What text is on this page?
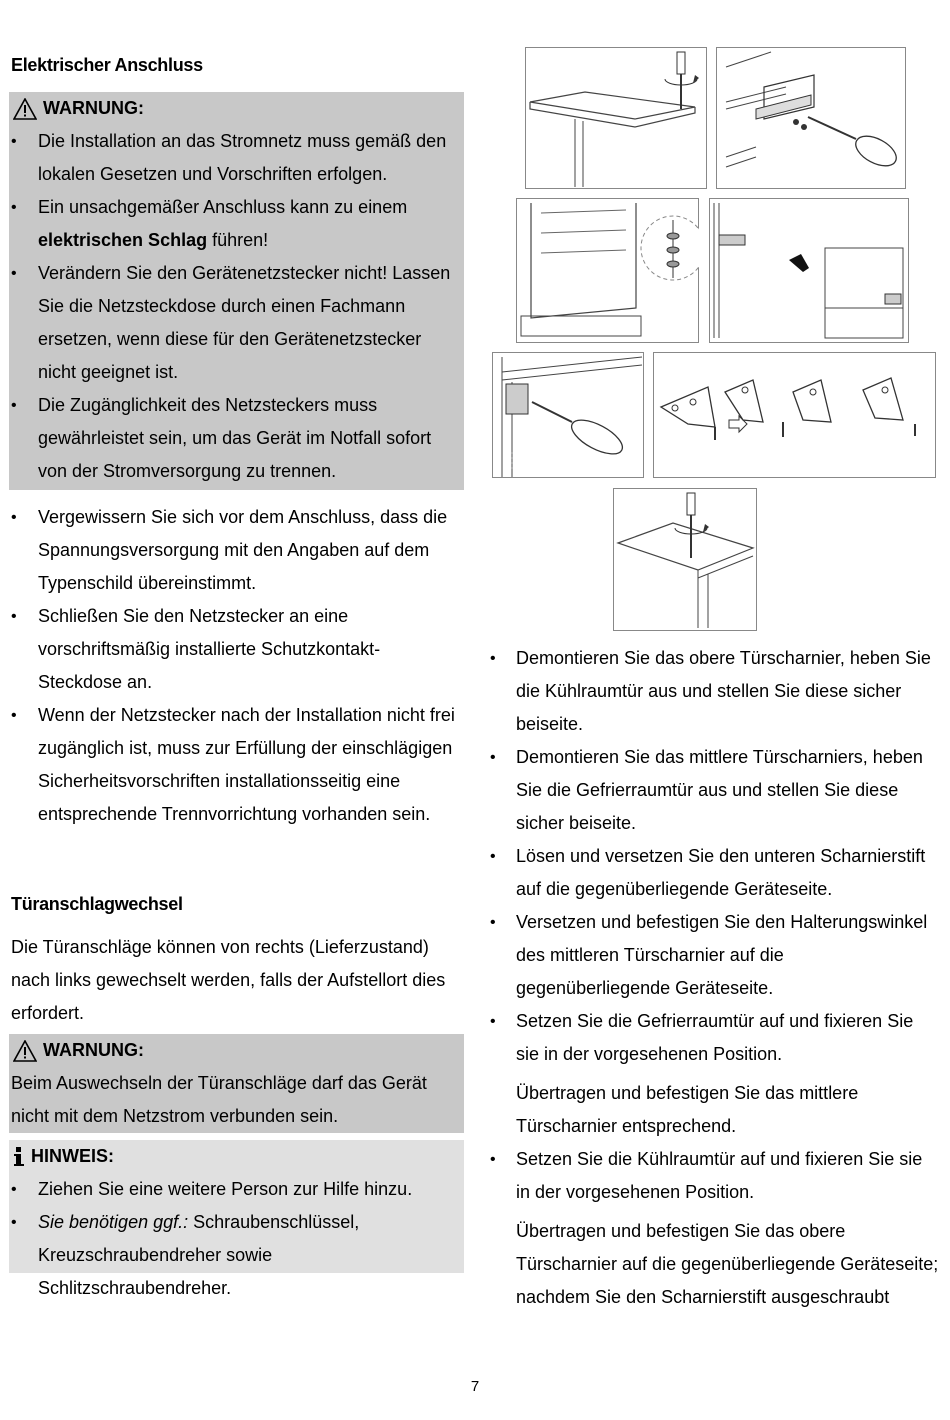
Elektrischer Anschluss
WARNUNG:
• Die Installation an das Stromnetz muss gemäß den lokalen Gesetzen und Vorschriften erfolgen.
• Ein unsachgemäßer Anschluss kann zu einem
elektrischen Schlag führen!
• Verändern Sie den Gerätenetzstecker nicht! Lassen Sie die Netzsteckdose durch einen Fachmann ersetzen, wenn diese für den Gerätenetzstecker nicht geeignet ist.
• Die Zugänglichkeit des Netzsteckers muss gewährleistet sein, um das Gerät im Notfall sofort von der Stromversorgung zu trennen.
• Vergewissern Sie sich vor dem Anschluss, dass die Spannungsversorgung mit den Angaben auf dem Typenschild übereinstimmt.
• Schließen Sie den Netzstecker an eine vorschriftsmäßig installierte Schutzkontakt-Steckdose an.
• Wenn der Netzstecker nach der Installation nicht frei zugänglich ist, muss zur Erfüllung der einschlägigen Sicherheitsvorschriften installationsseitig eine entsprechende Trennvorrichtung vorhanden sein.
Türanschlagwechsel
Die Türanschläge können von rechts (Lieferzustand) nach links gewechselt werden, falls der Aufstellort dies erfordert.
WARNUNG:
Beim Auswechseln der Türanschläge darf das Gerät nicht mit dem Netzstrom verbunden sein.
HINWEIS:
• Ziehen Sie eine weitere Person zur Hilfe hinzu.
• Sie benötigen ggf.: Schraubenschlüssel, Kreuzschraubendreher sowie Schlitzschraubendreher.
• Demontieren Sie das obere Türscharnier, heben Sie die Kühlraumtür aus und stellen Sie diese sicher beiseite.
• Demontieren Sie das mittlere Türscharniers, heben Sie die Gefrierraumtür aus und stellen Sie diese sicher beiseite.
• Lösen und versetzen Sie den unteren Scharnierstift auf die gegenüberliegende Geräteseite.
• Versetzen und befestigen Sie den Halterungswinkel des mittleren Türscharnier auf die gegenüberliegende Geräteseite.
• Setzen Sie die Gefrierraumtür auf und fixieren Sie sie in der vorgesehenen Position.
Übertragen und befestigen Sie das mittlere Türscharnier entsprechend.
• Setzen Sie die Kühlraumtür auf und fixieren Sie sie in der vorgesehenen Position.
Übertragen und befestigen Sie das obere Türscharnier auf die gegenüberliegende Geräteseite; nachdem Sie den Scharnierstift ausgeschraubt
7
